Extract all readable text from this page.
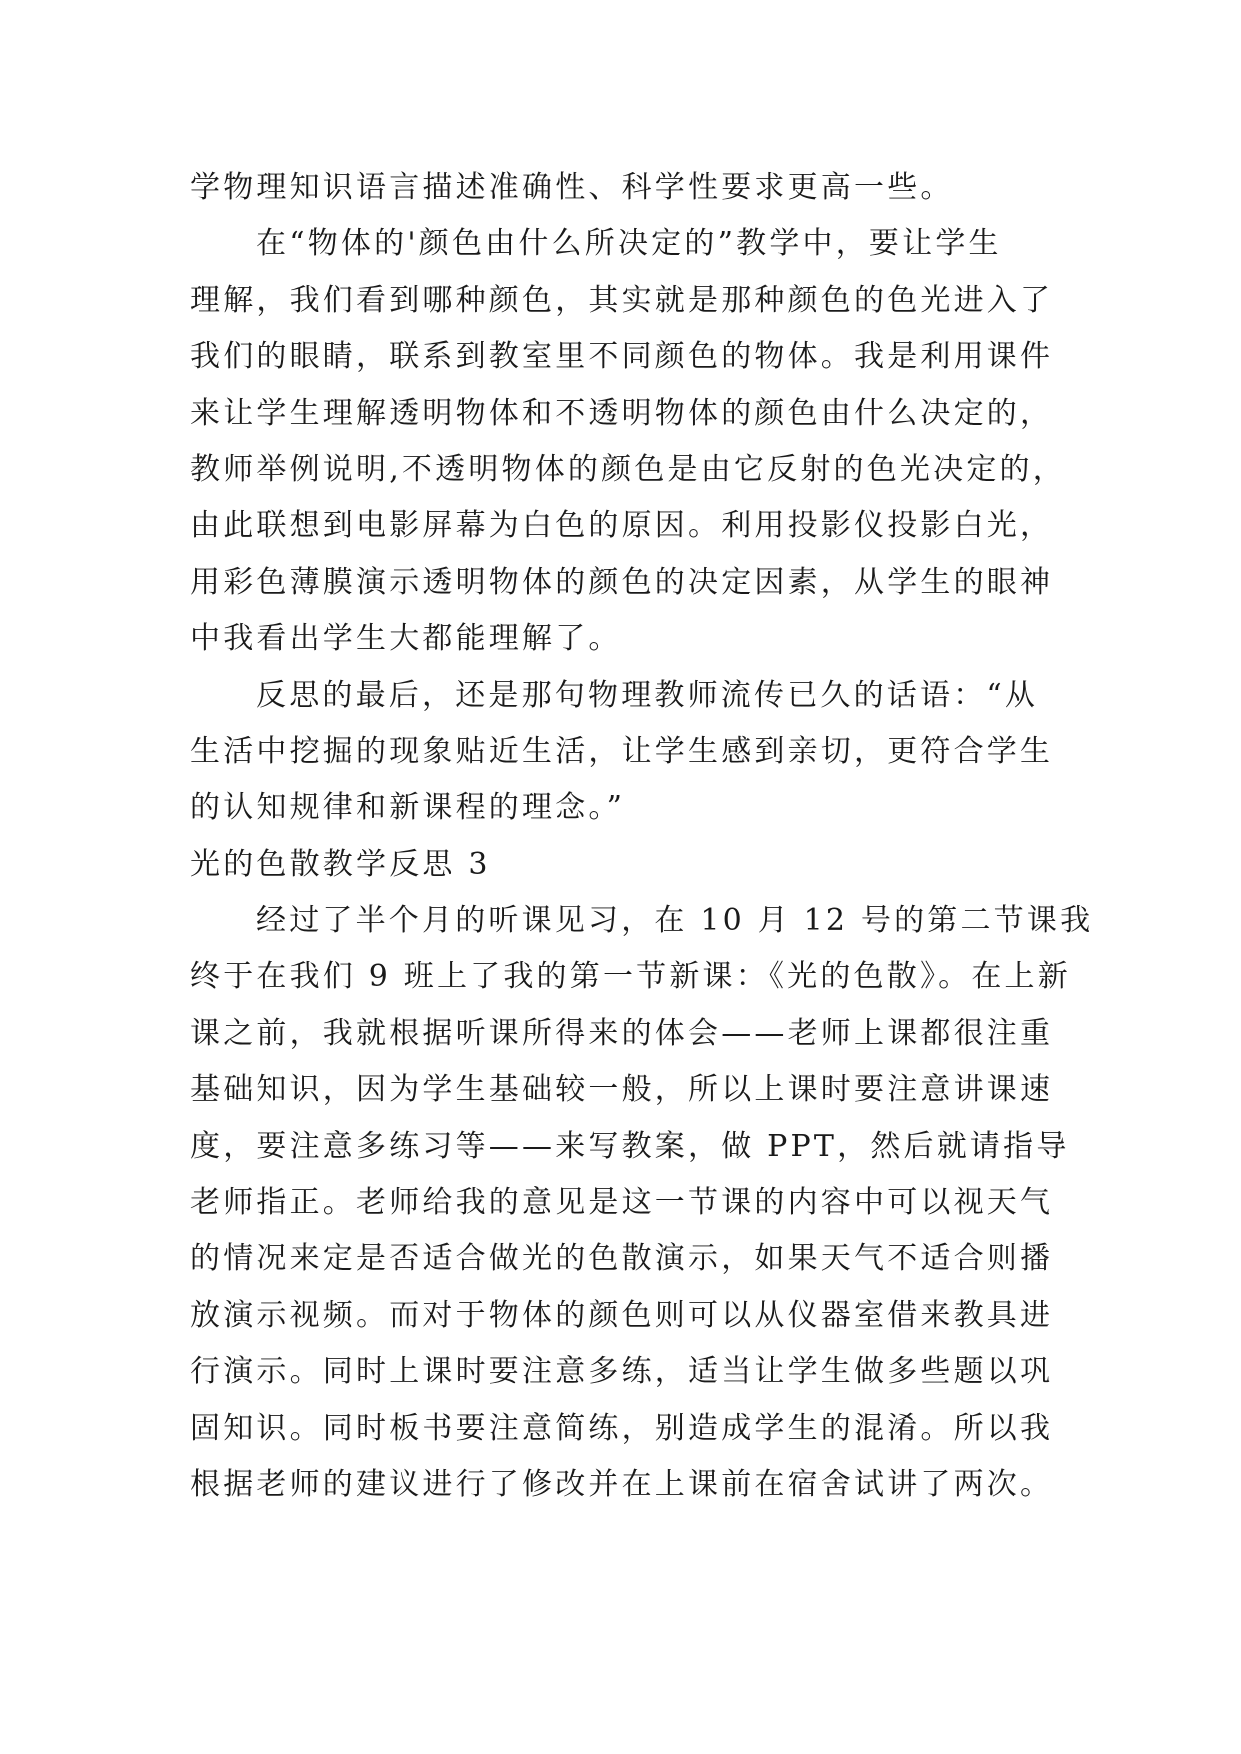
学物理知识语言描述准确性、科学性要求更高一些。
在“物体的'颜色由什么所决定的”教学中，要让学生
理解，我们看到哪种颜色，其实就是那种颜色的色光进入了
我们的眼睛，联系到教室里不同颜色的物体。我是利用课件
来让学生理解透明物体和不透明物体的颜色由什么决定的，
教师举例说明,不透明物体的颜色是由它反射的色光决定的，
由此联想到电影屏幕为白色的原因。利用投影仪投影白光，
用彩色薄膜演示透明物体的颜色的决定因素，从学生的眼神
中我看出学生大都能理解了。
反思的最后，还是那句物理教师流传已久的话语：“从
生活中挖掘的现象贴近生活，让学生感到亲切，更符合学生
的认知规律和新课程的理念。”
光的色散教学反思 3
经过了半个月的听课见习，在 10 月 12 号的第二节课我
终于在我们 9 班上了我的第一节新课：《光的色散》。在上新
课之前，我就根据听课所得来的体会——老师上课都很注重
基础知识，因为学生基础较一般，所以上课时要注意讲课速
度，要注意多练习等——来写教案，做 PPT，然后就请指导
老师指正。老师给我的意见是这一节课的内容中可以视天气
的情况来定是否适合做光的色散演示，如果天气不适合则播
放演示视频。而对于物体的颜色则可以从仪器室借来教具进
行演示。同时上课时要注意多练，适当让学生做多些题以巩
固知识。同时板书要注意简练，别造成学生的混淆。所以我
根据老师的建议进行了修改并在上课前在宿舍试讲了两次。
